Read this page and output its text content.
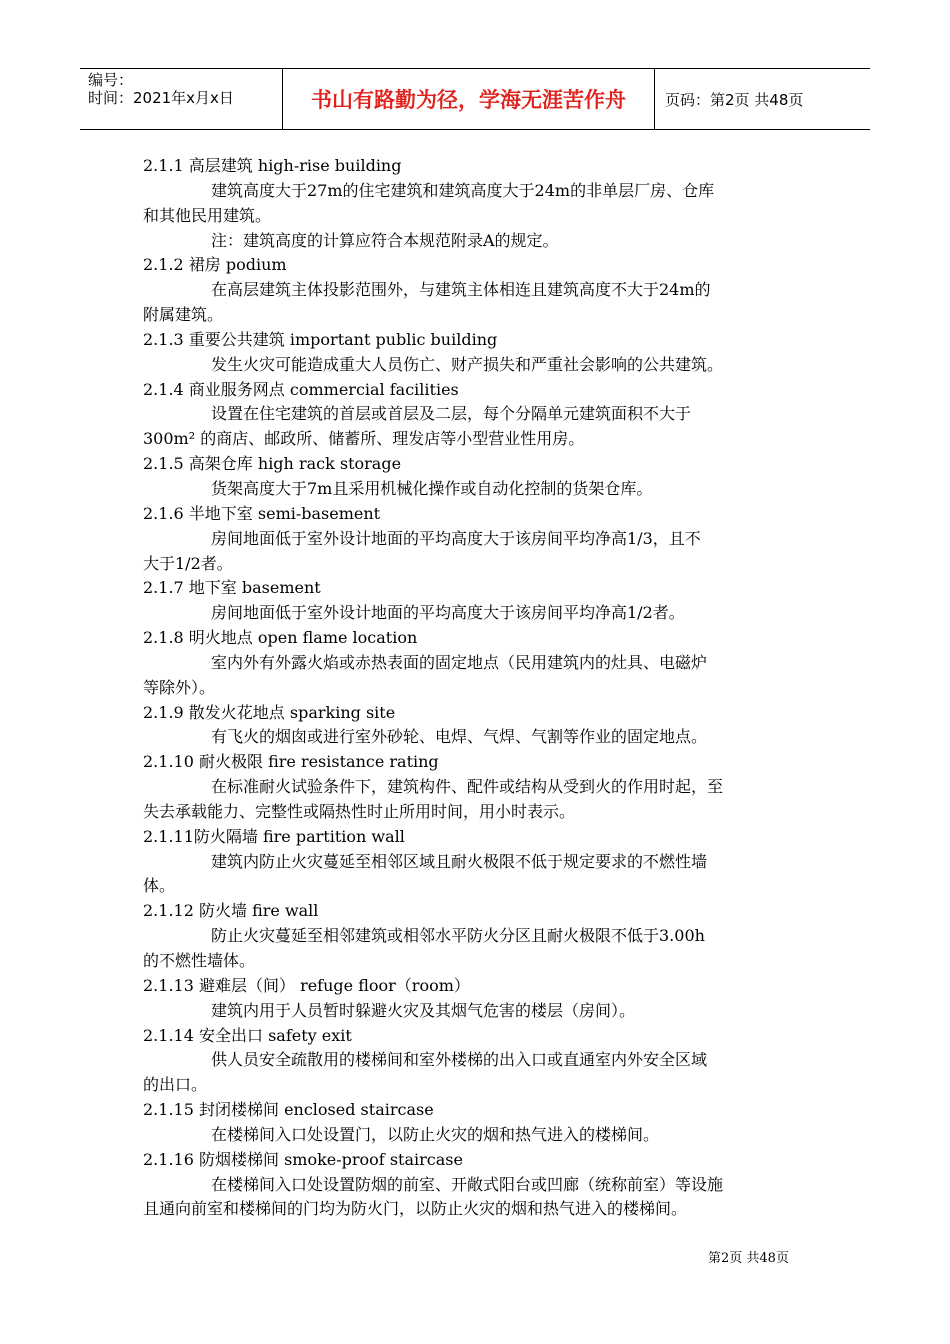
编号：
时间：2021年x月x日	书山有路勤为径，学海无涯苦作舟	页码：第2页 共48页
2.1.1 高层建筑 high-rise building
建筑高度大于27m的住宅建筑和建筑高度大于24m的非单层厂房、仓库
和其他民用建筑。
注：建筑高度的计算应符合本规范附录A的规定。
2.1.2 裙房 podium
在高层建筑主体投影范围外，与建筑主体相连且建筑高度不大于24m的
附属建筑。
2.1.3 重要公共建筑 important public building
发生火灾可能造成重大人员伤亡、财产损失和严重社会影响的公共建筑。
2.1.4 商业服务网点 commercial facilities
设置在住宅建筑的首层或首层及二层，每个分隔单元建筑面积不大于
300m² 的商店、邮政所、储蓄所、理发店等小型营业性用房。
2.1.5 高架仓库 high rack storage
货架高度大于7m且采用机械化操作或自动化控制的货架仓库。
2.1.6 半地下室 semi-basement
房间地面低于室外设计地面的平均高度大于该房间平均净高1/3，且不
大于1/2者。
2.1.7 地下室 basement
房间地面低于室外设计地面的平均高度大于该房间平均净高1/2者。
2.1.8 明火地点 open flame location
室内外有外露火焰或赤热表面的固定地点（民用建筑内的灶具、电磁炉
等除外）。
2.1.9 散发火花地点 sparking site
有飞火的烟囱或进行室外砂轮、电焊、气焊、气割等作业的固定地点。
2.1.10 耐火极限 fire resistance rating
在标准耐火试验条件下，建筑构件、配件或结构从受到火的作用时起，至
失去承载能力、完整性或隔热性时止所用时间，用小时表示。
2.1.11防火隔墙 fire partition wall
建筑内防止火灾蔓延至相邻区域且耐火极限不低于规定要求的不燃性墙
体。
2.1.12 防火墙 fire wall
防止火灾蔓延至相邻建筑或相邻水平防火分区且耐火极限不低于3.00h
的不燃性墙体。
2.1.13 避难层（间） refuge floor（room）
建筑内用于人员暂时躲避火灾及其烟气危害的楼层（房间）。
2.1.14 安全出口 safety exit
供人员安全疏散用的楼梯间和室外楼梯的出入口或直通室内外安全区域
的出口。
2.1.15 封闭楼梯间 enclosed staircase
在楼梯间入口处设置门，以防止火灾的烟和热气进入的楼梯间。
2.1.16 防烟楼梯间 smoke-proof staircase
在楼梯间入口处设置防烟的前室、开敞式阳台或凹廊（统称前室）等设施
且通向前室和楼梯间的门均为防火门，以防止火灾的烟和热气进入的楼梯间。
第2页 共48页
